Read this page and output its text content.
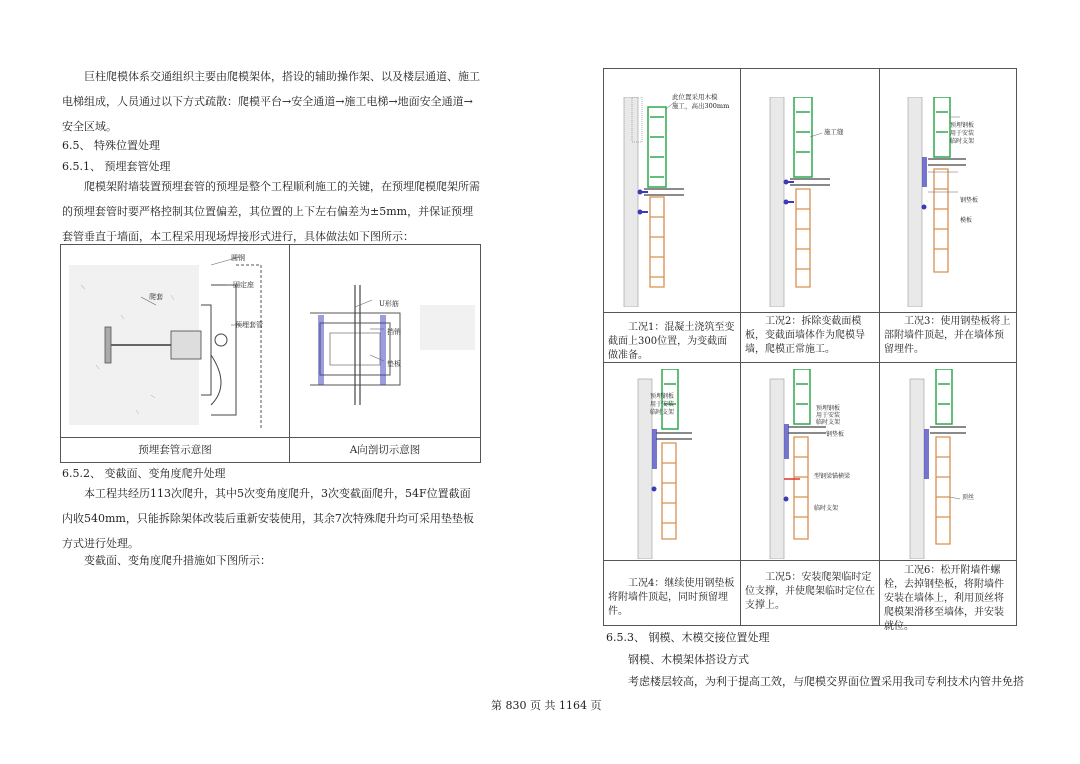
巨柱爬模体系交通组织主要由爬模架体，搭设的辅助操作架、以及楼层通道、施工电梯组成，人员通过以下方式疏散：爬模平台→安全通道→施工电梯→地面安全通道→安全区域。
6.5、 特殊位置处理
6.5.1、 预埋套管处理
爬模架附墙装置预埋套管的预埋是整个工程顺利施工的关键，在预埋爬模爬架所需的预埋套管时要严格控制其位置偏差，其位置的上下左右偏差为±5mm，并保证预埋套管垂直于墙面，本工程采用现场焊接形式进行，具体做法如下图所示：
圆钢
固定座
爬套
预埋套管
U形筋
挡销
垫板
预埋套管示意图	A向剖切示意图
6.5.2、 变截面、变角度爬升处理
本工程共经历113次爬升，其中5次变角度爬升，3次变截面爬升，54F位置截面内收540mm，只能拆除架体改装后重新安装使用，其余7次特殊爬升均可采用垫垫板方式进行处理。
变截面、变角度爬升措施如下图所示：
此位置采用木模
施工，高出300mm
工况1：混凝土浇筑至变截面上300位置，为变截面做准备。
施工缝
工况2：拆除变截面模板，变截面墙体作为爬模导墙，爬模正常施工。
预埋钢板
用于安装
临时支架
钢垫板
模板
工况3：使用钢垫板将上部附墙件顶起，并在墙体预留埋件。
预埋钢板
用于安装
临时支架
工况4：继续使用钢垫板将附墙件顶起，同时预留埋件。
预埋钢板
用于安装
临时支架
钢垫板
型钢梁锚横梁
临时支架
工况5：安装爬架临时定位支撑，并使爬架临时定位在支撑上。
顶丝
工况6：松开附墙件螺栓，去掉钢垫板，将附墙件安装在墙体上，利用顶丝将爬模架滑移至墙体，并安装就位。
6.5.3、 钢模、木模交接位置处理
钢模、木模架体搭设方式
考虑楼层较高，为利于提高工效，与爬模交界面位置采用我司专利技术内管井免搭
第 830 页 共 1164 页
